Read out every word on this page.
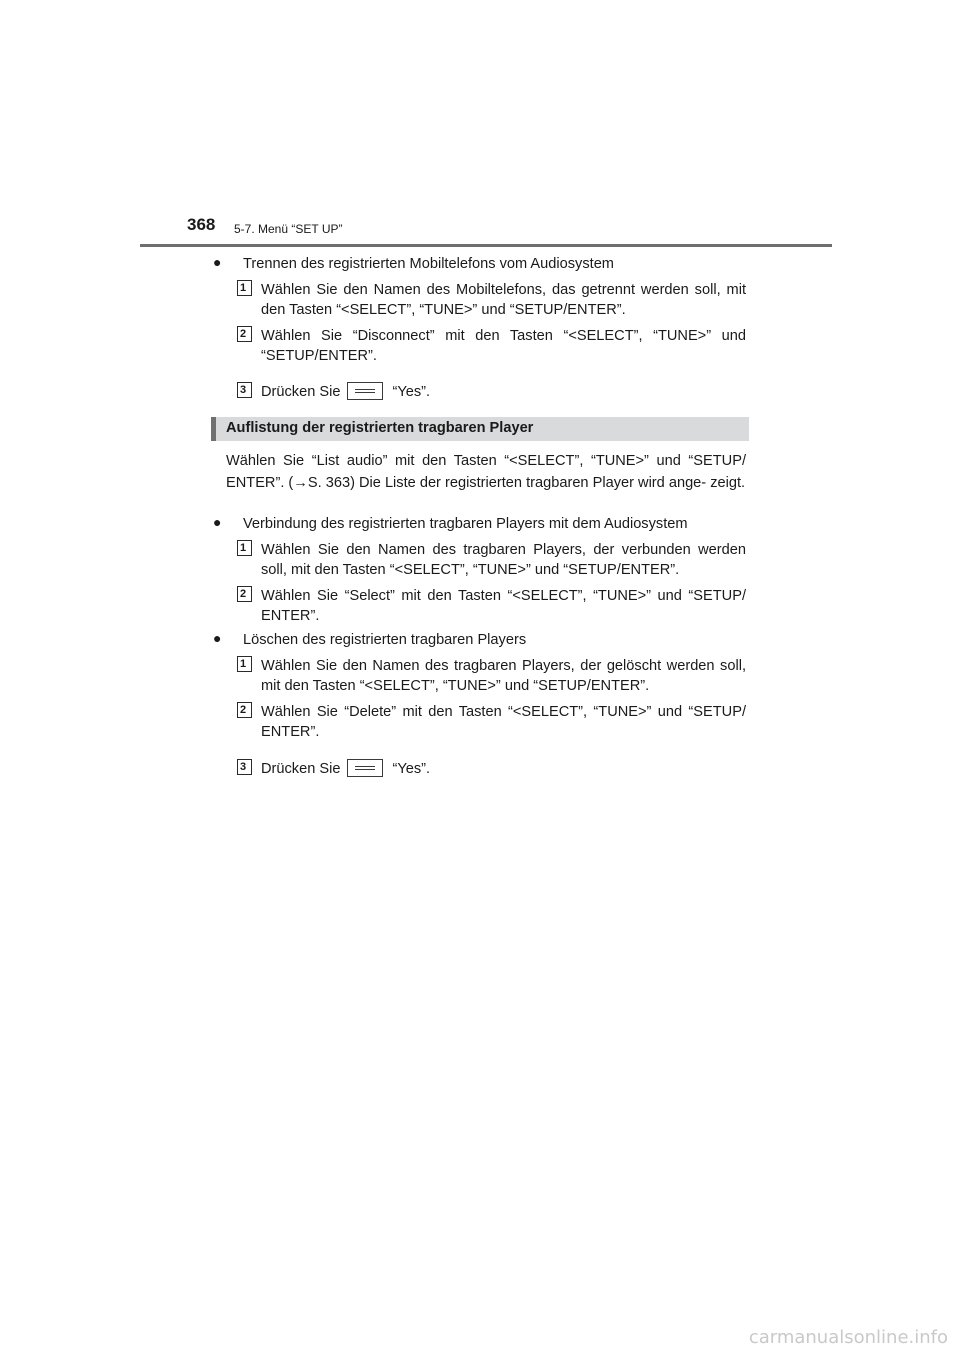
368 5-7. Menü “SET UP”
● Trennen des registrierten Mobiltelefons vom Audiosystem
1	Wählen Sie den Namen des Mobiltelefons, das getrennt werden soll, mit den Tasten “<SELECT”, “TUNE>” und “SETUP/ENTER”.
2	Wählen Sie “Disconnect” mit den Tasten “<SELECT”, “TUNE>” und “SETUP/ENTER”.
3	Drücken Sie	“Yes”.
Auflistung der registrierten tragbaren Player
Wählen Sie “List audio” mit den Tasten “<SELECT”, “TUNE>” und “SETUP/ ENTER”. (→S. 363) Die Liste der registrierten tragbaren Player wird ange- zeigt.
● Verbindung des registrierten tragbaren Players mit dem Audiosystem
1	Wählen Sie den Namen des tragbaren Players, der verbunden werden soll, mit den Tasten “<SELECT”, “TUNE>” und “SETUP/ENTER”.
2	Wählen Sie “Select” mit den Tasten “<SELECT”, “TUNE>” und “SETUP/ ENTER”.
● Löschen des registrierten tragbaren Players
1	Wählen Sie den Namen des tragbaren Players, der gelöscht werden soll, mit den Tasten “<SELECT”, “TUNE>” und “SETUP/ENTER”.
2	Wählen Sie “Delete” mit den Tasten “<SELECT”, “TUNE>” und “SETUP/ ENTER”.
3	Drücken Sie	“Yes”.
carmanualsonline.info
